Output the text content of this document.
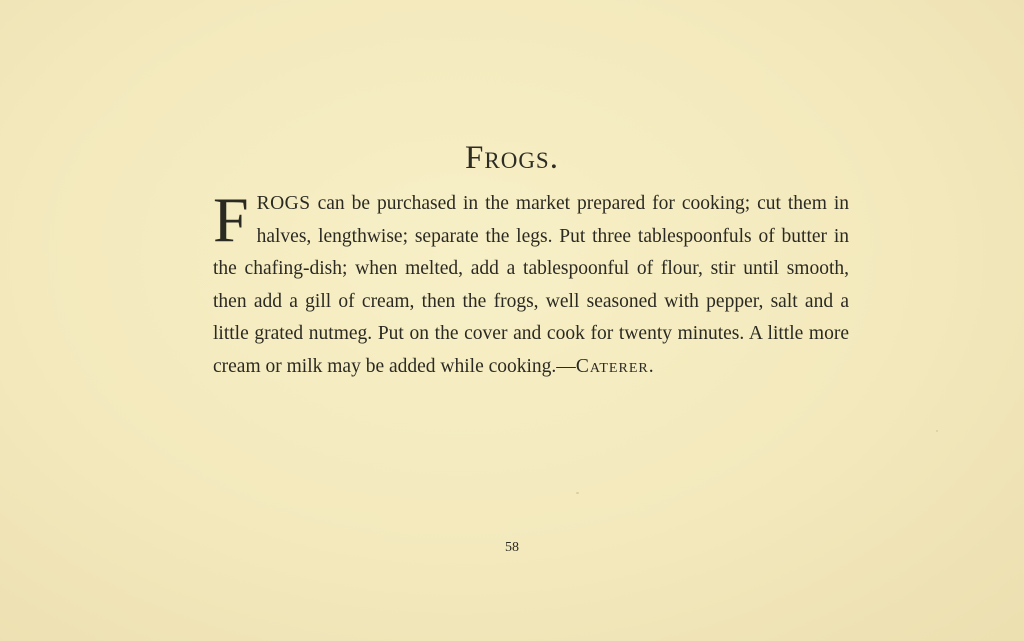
Frogs.
FROGS can be purchased in the market prepared for cooking; cut them in halves, lengthwise; separate the legs. Put three tablespoonfuls of butter in the chafing-dish; when melted, add a tablespoonful of flour, stir until smooth, then add a gill of cream, then the frogs, well seasoned with pepper, salt and a little grated nutmeg. Put on the cover and cook for twenty minutes. A little more cream or milk may be added while cooking.—Caterer.
58
